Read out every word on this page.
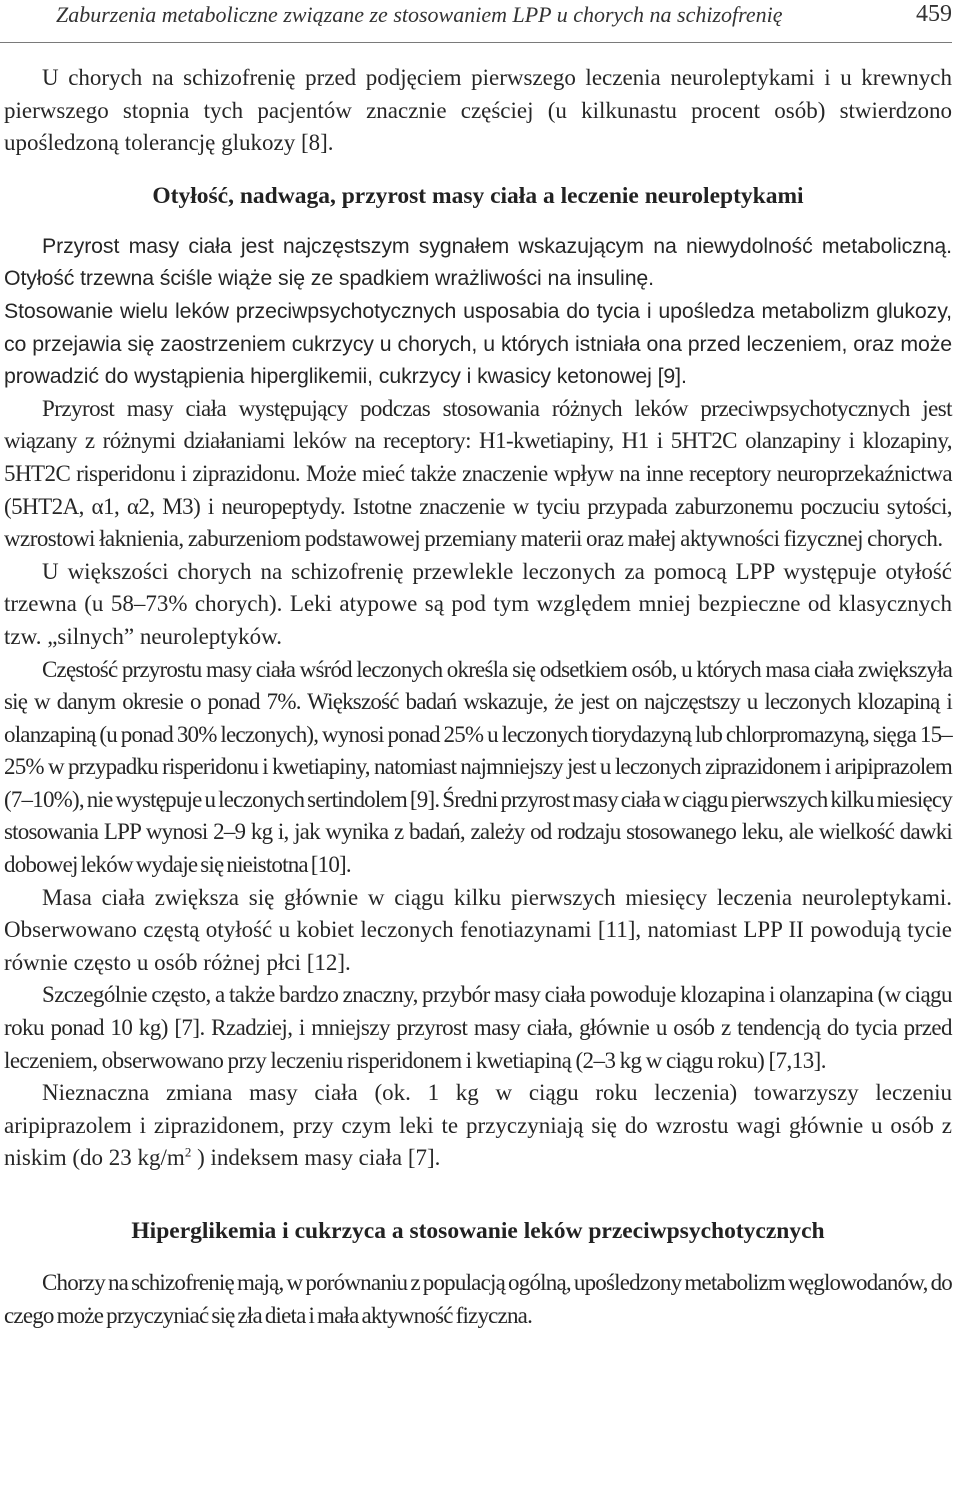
Zaburzenia metaboliczne związane ze stosowaniem LPP u chorych na schizofrenię	459

U chorych na schizofrenię przed podjęciem pierwszego leczenia neuroleptykami i u krewnych pierwszego stopnia tych pacjentów znacznie częściej (u kilkunastu procent osób) stwierdzono upośledzoną tolerancję glukozy [8].

Otyłość, nadwaga, przyrost masy ciała a leczenie neuroleptykami

Przyrost masy ciała jest najczęstszym sygnałem wskazującym na niewydolność metaboliczną. Otyłość trzewna ściśle wiąże się ze spadkiem wrażliwości na insulinę.

Stosowanie wielu leków przeciwpsychotycznych usposabia do tycia i upośledza metabolizm glukozy, co przejawia się zaostrzeniem cukrzycy u chorych, u których istniała ona przed leczeniem, oraz może prowadzić do wystąpienia hiperglikemii, cukrzycy i kwasicy ketonowej [9].

Przyrost masy ciała występujący podczas stosowania różnych leków przeciwpsychotycznych jest wiązany z różnymi działaniami leków na receptory: H1-kwetiapiny, H1 i 5HT2C olanzapiny i klozapiny, 5HT2C risperidonu i ziprazidonu. Może mieć także znaczenie wpływ na inne receptory neuroprzekaźnictwa (5HT2A, α1, α2, M3) i neuropeptydy. Istotne znaczenie w tyciu przypada zaburzonemu poczuciu sytości, wzrostowi łaknienia, zaburzeniom podstawowej przemiany materii oraz małej aktywności fizycznej chorych.

U większości chorych na schizofrenię przewlekle leczonych za pomocą LPP występuje otyłość trzewna (u 58–73% chorych). Leki atypowe są pod tym względem mniej bezpieczne od klasycznych tzw. „silnych” neuroleptyków.

Częstość przyrostu masy ciała wśród leczonych określa się odsetkiem osób, u których masa ciała zwiększyła się w danym okresie o ponad 7%. Większość badań wskazuje, że jest on najczęstszy u leczonych klozapiną i olanzapiną (u ponad 30% leczonych), wynosi ponad 25% u leczonych tiorydazyną lub chlorpromazyną, sięga 15–25% w przypadku risperidonu i kwetiapiny, natomiast najmniejszy jest u leczonych ziprazidonem i aripiprazolem (7–10%), nie występuje u leczonych sertindolem [9]. Średni przyrost masy ciała w ciągu pierwszych kilku miesięcy stosowania LPP wynosi 2–9 kg i, jak wynika z badań, zależy od rodzaju stosowanego leku, ale wielkość dawki dobowej leków wydaje się nieistotna [10].

Masa ciała zwiększa się głównie w ciągu kilku pierwszych miesięcy leczenia neuroleptykami. Obserwowano częstą otyłość u kobiet leczonych fenotiazynami [11], natomiast LPP II powodują tycie równie często u osób różnej płci [12].

Szczególnie często, a także bardzo znaczny, przybór masy ciała powoduje klozapina i olanzapina (w ciągu roku ponad 10 kg) [7]. Rzadziej, i mniejszy przyrost masy ciała, głównie u osób z tendencją do tycia przed leczeniem, obserwowano przy leczeniu risperidonem i kwetiapiną (2–3 kg w ciągu roku) [7,13].

Nieznaczna zmiana masy ciała (ok. 1 kg w ciągu roku leczenia) towarzyszy leczeniu aripiprazolem i ziprazidonem, przy czym leki te przyczyniają się do wzrostu wagi głównie u osób z niskim (do 23 $kg/m^2$ ) indeksem masy ciała [7].

Hiperglikemia i cukrzyca a stosowanie leków przeciwpsychotycznych

Chorzy na schizofrenię mają, w porównaniu z populacją ogólną, upośledzony metabolizm węglowodanów, do czego może przyczyniać się zła dieta i mała aktywność fizyczna.
